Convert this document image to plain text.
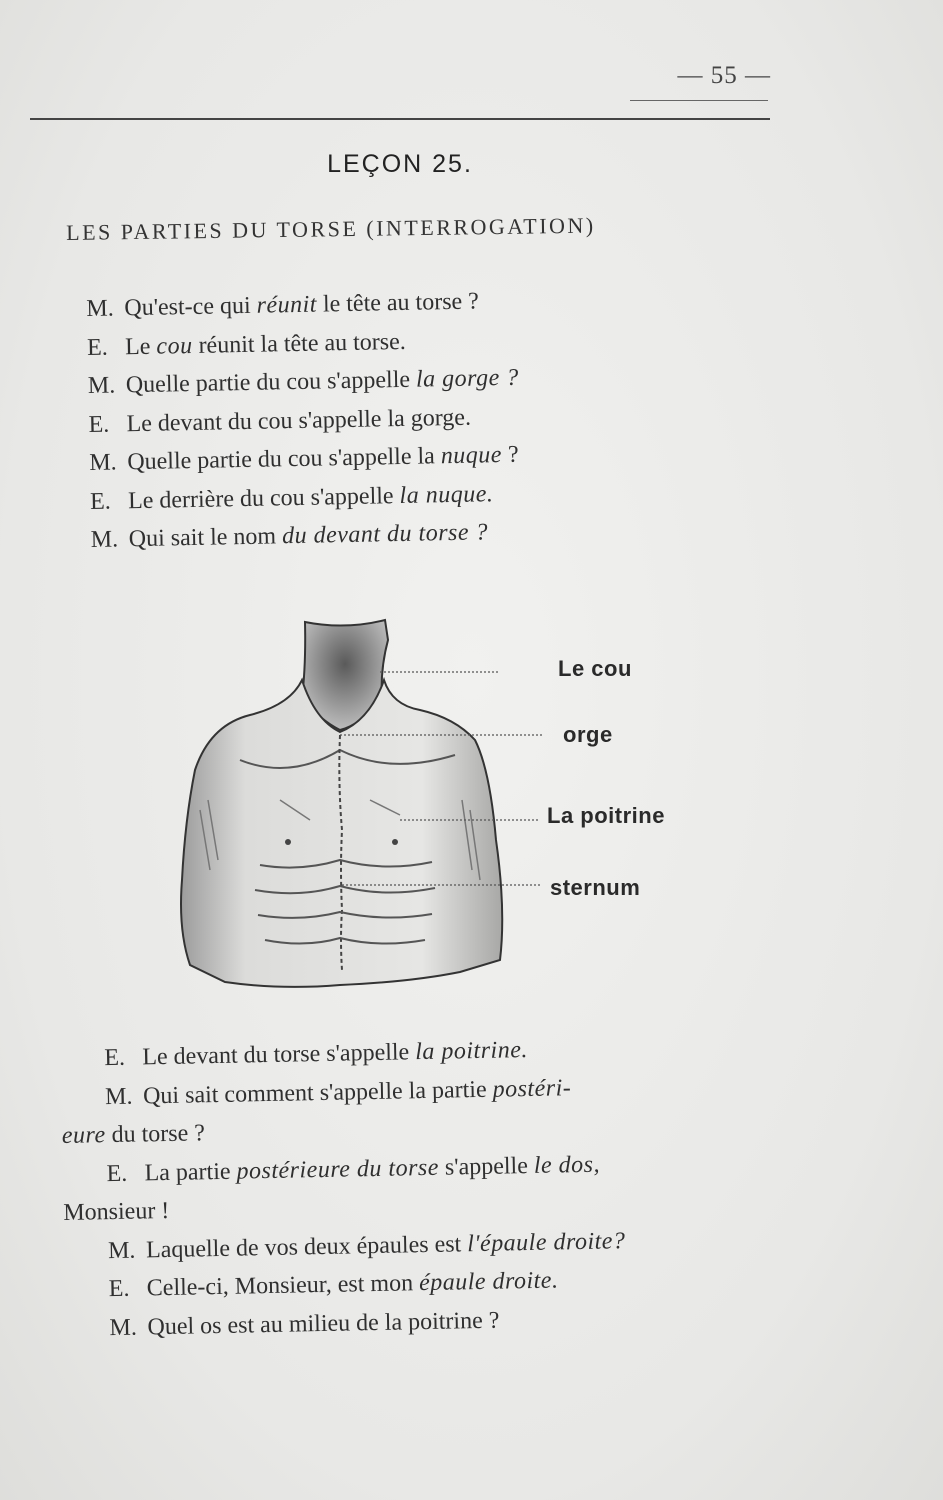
— 55 —
LEÇON 25.
LES PARTIES DU TORSE (INTERROGATION)
M. Qu'est-ce qui réunit le tête au torse ?
E. Le cou réunit la tête au torse.
M. Quelle partie du cou s'appelle la gorge ?
E. Le devant du cou s'appelle la gorge.
M. Quelle partie du cou s'appelle la nuque ?
E. Le derrière du cou s'appelle la nuque.
M. Qui sait le nom du devant du torse ?
Le cou
orge
La poitrine
sternum
E. Le devant du torse s'appelle la poitrine.
M. Qui sait comment s'appelle la partie postéri-
eure du torse ?
E. La partie postérieure du torse s'appelle le dos,
Monsieur !
M. Laquelle de vos deux épaules est l'épaule droite?
E. Celle-ci, Monsieur, est mon épaule droite.
M. Quel os est au milieu de la poitrine ?
